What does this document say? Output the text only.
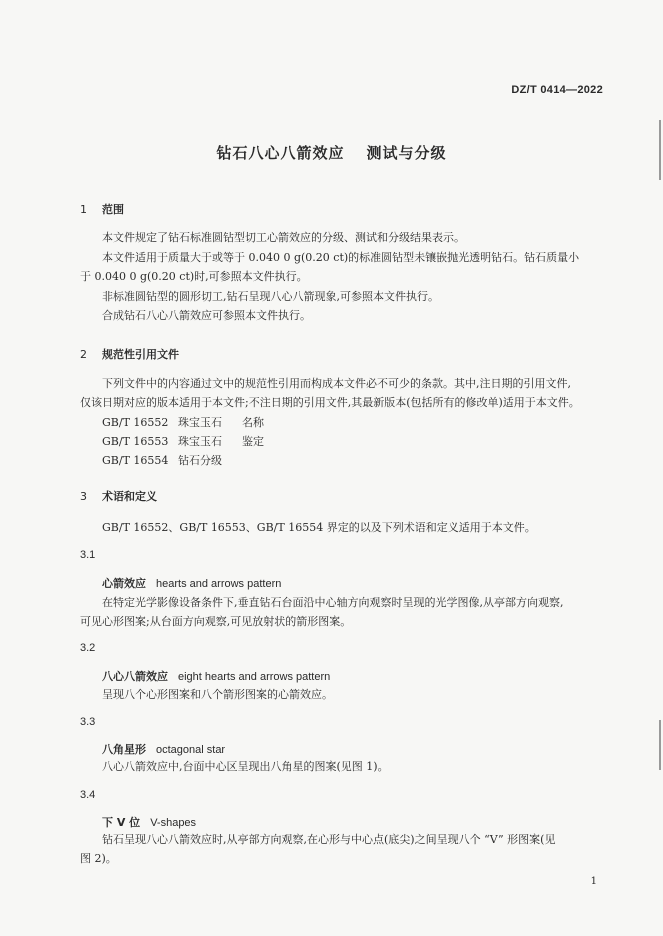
DZ/T 0414—2022
钻石八心八箭效应 测试与分级
1 范围
本文件规定了钻石标准圆钻型切工心箭效应的分级、测试和分级结果表示。
本文件适用于质量大于或等于 0.040 0 g(0.20 ct)的标准圆钻型未镶嵌抛光透明钻石。钻石质量小
于 0.040 0 g(0.20 ct)时,可参照本文件执行。
非标准圆钻型的圆形切工,钻石呈现八心八箭现象,可参照本文件执行。
合成钻石八心八箭效应可参照本文件执行。
2 规范性引用文件
下列文件中的内容通过文中的规范性引用而构成本文件必不可少的条款。其中,注日期的引用文件,
仅该日期对应的版本适用于本文件;不注日期的引用文件,其最新版本(包括所有的修改单)适用于本文件。
GB/T 16552 珠宝玉石 名称
GB/T 16553 珠宝玉石 鉴定
GB/T 16554 钻石分级
3 术语和定义
GB/T 16552、GB/T 16553、GB/T 16554 界定的以及下列术语和定义适用于本文件。
3.1
心箭效应 hearts and arrows pattern
在特定光学影像设备条件下,垂直钻石台面沿中心轴方向观察时呈现的光学图像,从亭部方向观察,
可见心形图案;从台面方向观察,可见放射状的箭形图案。
3.2
八心八箭效应 eight hearts and arrows pattern
呈现八个心形图案和八个箭形图案的心箭效应。
3.3
八角星形 octagonal star
八心八箭效应中,台面中心区呈现出八角星的图案(见图 1)。
3.4
下 V 位 V-shapes
钻石呈现八心八箭效应时,从亭部方向观察,在心形与中心点(底尖)之间呈现八个 “V” 形图案(见
图 2)。
1
